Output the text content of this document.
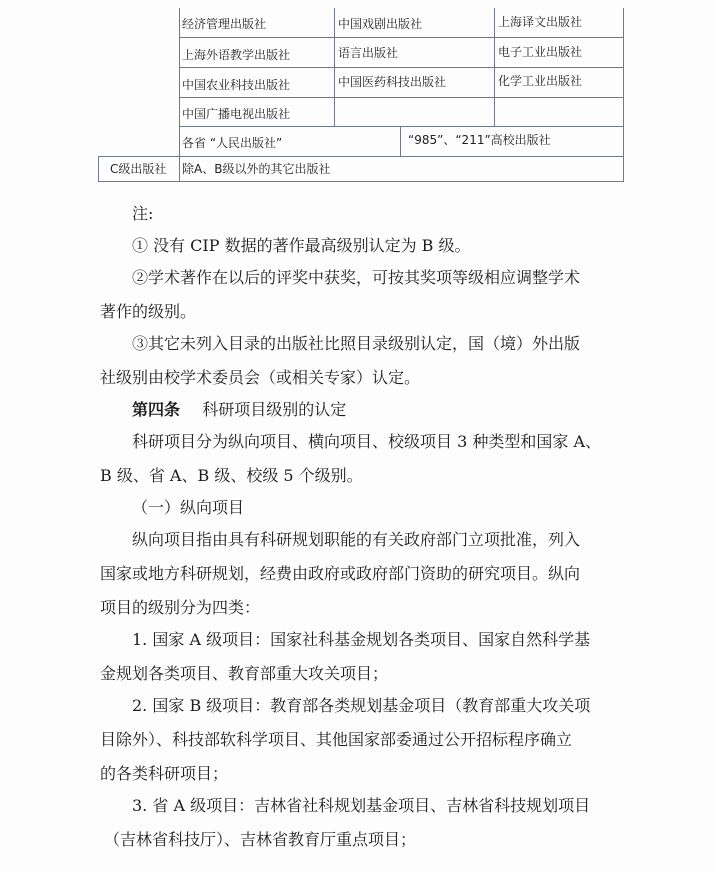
经济管理出版社	中国戏剧出版社	上海译文出版社
上海外语教学出版社	语言出版社	电子工业出版社
中国农业科技出版社	中国医药科技出版社	化学工业出版社
中国广播电视出版社
各省 “人民出版社”	“985”、“211”高校出版社
C级出版社 除A、B级以外的其它出版社
注:
① 没有 CIP 数据的著作最高级别认定为 B 级。
②学术著作在以后的评奖中获奖，可按其奖项等级相应调整学术
著作的级别。
③其它未列入目录的出版社比照目录级别认定，国（境）外出版
社级别由校学术委员会（或相关专家）认定。
第四条 科研项目级别的认定
科研项目分为纵向项目、横向项目、校级项目 3 种类型和国家 A、
B 级、省 A、B 级、校级 5 个级别。
（一）纵向项目
纵向项目指由具有科研规划职能的有关政府部门立项批准，列入
国家或地方科研规划，经费由政府或政府部门资助的研究项目。纵向
项目的级别分为四类：
1. 国家 A 级项目：国家社科基金规划各类项目、国家自然科学基
金规划各类项目、教育部重大攻关项目；
2. 国家 B 级项目：教育部各类规划基金项目（教育部重大攻关项
目除外）、科技部软科学项目、其他国家部委通过公开招标程序确立
的各类科研项目；
3. 省 A 级项目：吉林省社科规划基金项目、吉林省科技规划项目
（吉林省科技厅）、吉林省教育厅重点项目；
